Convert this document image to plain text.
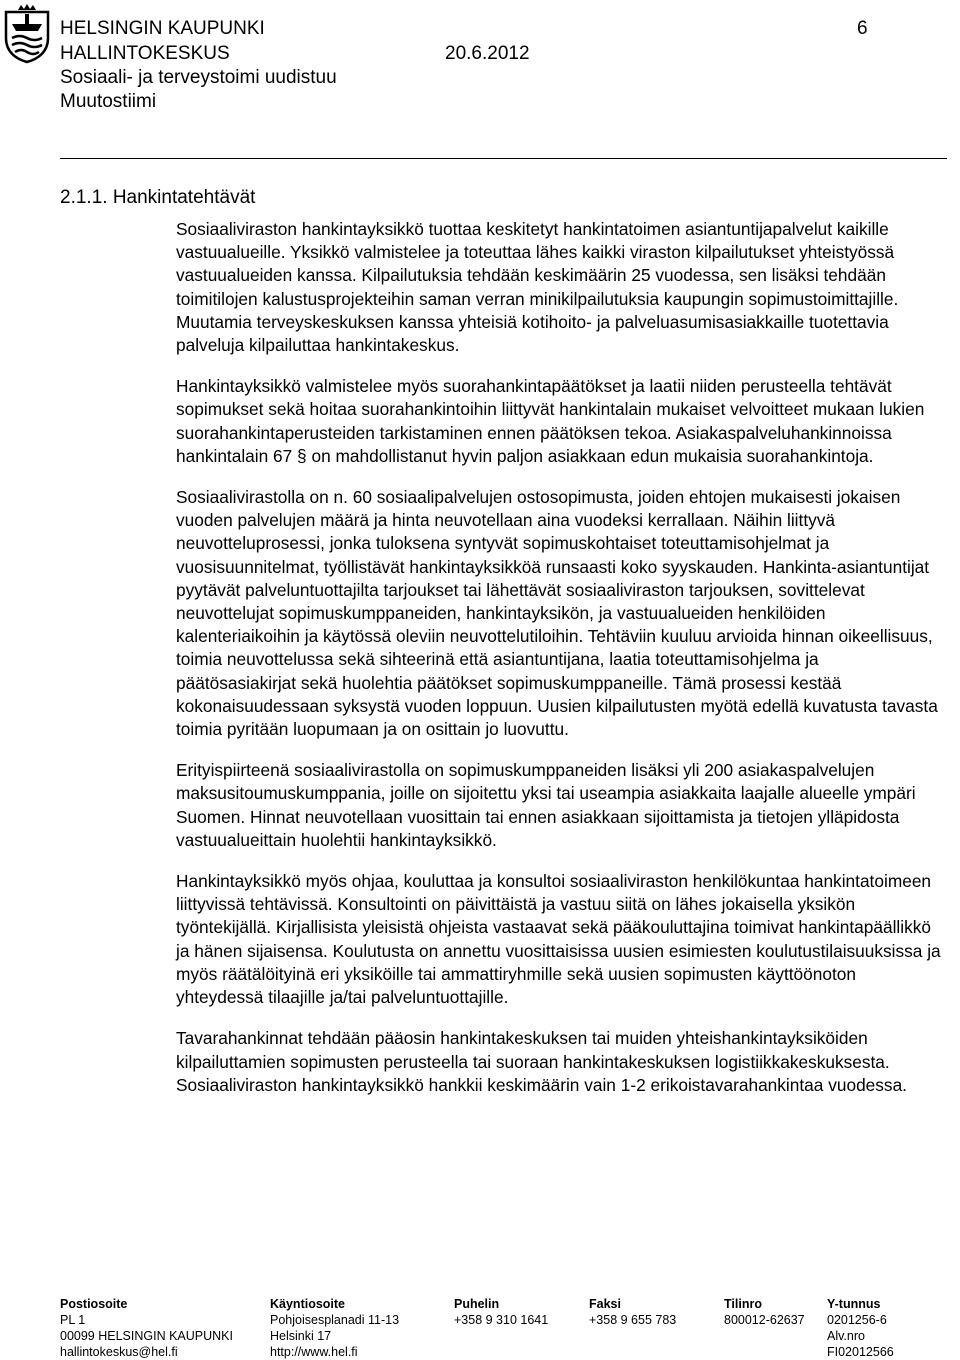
HELSINGIN KAUPUNKI
HALLINTOKESKUS
Sosiaali- ja terveystoimi uudistuu
Muutostiimi
20.6.2012
6
2.1.1. Hankintatehtävät

Sosiaaliviraston hankintayksikkö tuottaa keskitetyt hankintatoimen asiantuntijapalvelut kaikille vastuualueille. Yksikkö valmistelee ja toteuttaa lähes kaikki viraston kilpailutukset yhteistyössä vastuualueiden kanssa. Kilpailutuksia tehdään keskimäärin 25 vuodessa, sen lisäksi tehdään toimitilojen kalustusprojekteihin saman verran minikilpailutuksia kaupungin sopimustoimittajille. Muutamia terveyskeskuksen kanssa yhteisiä kotihoito- ja palveluasumisasiakkaille tuotettavia palveluja kilpailuttaa hankintakeskus.

Hankintayksikkö valmistelee myös suorahankintapäätökset ja laatii niiden perusteella tehtävät sopimukset sekä hoitaa suorahankintoihin liittyvät hankintalain mukaiset velvoitteet mukaan lukien suorahankintaperusteiden tarkistaminen ennen päätöksen tekoa. Asiakaspalveluhankinnoissa hankintalain 67 § on mahdollistanut hyvin paljon asiakkaan edun mukaisia suorahankintoja.

Sosiaalivirastolla on n. 60 sosiaalipalvelujen ostosopimusta, joiden ehtojen mukaisesti jokaisen vuoden palvelujen määrä ja hinta neuvotellaan aina vuodeksi kerrallaan. Näihin liittyvä neuvotteluprosessi, jonka tuloksena syntyvät sopimuskohtaiset toteuttamisohjelmat ja vuosisuunnitelmat, työllistävät hankintayksikköä runsaasti koko syyskauden. Hankinta-asiantuntijat pyytävät palveluntuottajilta tarjoukset tai lähettävät sosiaaliviraston tarjouksen, sovittelevat neuvottelujat sopimuskumppaneiden, hankintayksikön, ja vastuualueiden henkilöiden kalenteriaikoihin ja käytössä oleviin neuvottelutiloihin. Tehtäviin kuuluu arvioida hinnan oikeellisuus, toimia neuvottelussa sekä sihteerinä että asiantuntijana, laatia toteuttamisohjelma ja päätösasiakirjat sekä huolehtia päätökset sopimuskumppaneille. Tämä prosessi kestää kokonaisuudessaan syksystä vuoden loppuun. Uusien kilpailutusten myötä edellä kuvatusta tavasta toimia pyritään luopumaan ja on osittain jo luovuttu.

Erityispiirteenä sosiaalivirastolla on sopimuskumppaneiden lisäksi yli 200 asiakaspalvelujen maksusitoumuskumppania, joille on sijoitettu yksi tai useampia asiakkaita laajalle alueelle ympäri Suomen. Hinnat neuvotellaan vuosittain tai ennen asiakkaan sijoittamista ja tietojen ylläpidosta vastuualueittain huolehtii hankintayksikkö.

Hankintayksikkö myös ohjaa, kouluttaa ja konsultoi sosiaaliviraston henkilökuntaa hankintatoimeen liittyvissä tehtävissä. Konsultointi on päivittäistä ja vastuu siitä on lähes jokaisella yksikön työntekijällä. Kirjallisista yleisistä ohjeista vastaavat sekä pääkouluttajina toimivat hankintapäällikkö ja hänen sijaisensa. Koulutusta on annettu vuosittaisissa uusien esimiesten koulutustilaisuuksissa ja myös räätälöityinä eri yksiköille tai ammattiryhmille sekä uusien sopimusten käyttöönoton yhteydessä tilaajille ja/tai palveluntuottajille.

Tavarahankinnat tehdään pääosin hankintakeskuksen tai muiden yhteishankintayksiköiden kilpailuttamien sopimusten perusteella tai suoraan hankintakeskuksen logistiikkakeskuksesta. Sosiaaliviraston hankintayksikkö hankkii keskimäärin vain 1-2 erikoistavarahankintaa vuodessa.

Postiosoite
PL 1
00099 HELSINGIN KAUPUNKI
hallintokeskus@hel.fi
Käyntiosoite
Pohjoisesplanadi 11-13
Helsinki 17
http://www.hel.fi
Puhelin
+358 9 310 1641
Faksi
+358 9 655 783
Tilinro
800012-62637
Y-tunnus
0201256-6
Alv.nro
FI02012566
